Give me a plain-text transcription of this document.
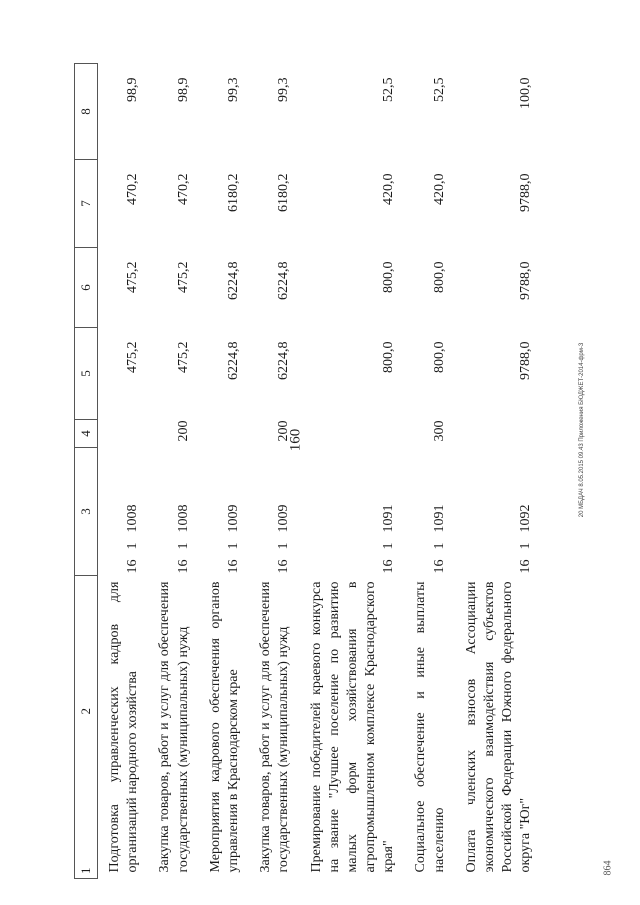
160	20 МБДАЧ 8.05.2015 09.43 Приложения БЮДЖЕТ-2014-фрм-3
864
1
2	3	4	5	6	7	8
Подготовка управленческих кадров для организаций народного хозяйства	1611008		475,2	475,2	470,2	98,9
Закупка товаров, работ и услуг для обеспечения государственных (муниципальных) нужд	1611008	200	475,2	475,2	470,2	98,9
Мероприятия кадрового обеспечения органов управления в Краснодарском крае	1611009		6224,8	6224,8	6180,2	99,3
Закупка товаров, работ и услуг для обеспечения государственных (муниципальных) нужд	1611009	200	6224,8	6224,8	6180,2	99,3
Премирование победителей краевого конкурса на звание "Лучшее поселение по развитию малых форм хозяйствования в агропромышленном комплексе Краснодарского края"	1611091		800,0	800,0	420,0	52,5
Социальное обеспечение и иные выплаты населению	1611091	300	800,0	800,0	420,0	52,5
Оплата членских взносов Ассоциации экономического взаимодействия субъектов Российской Федерации Южного федерального округа "Юг"	1611092		9788,0	9788,0	9788,0	100,0
